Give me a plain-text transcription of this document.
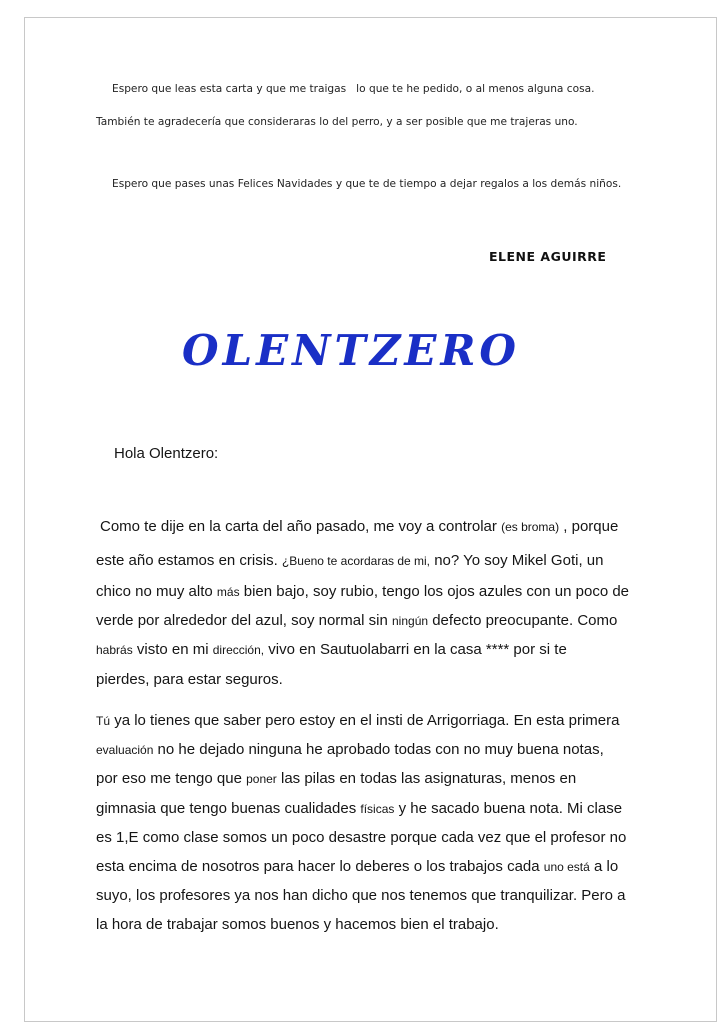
Espero que leas esta carta y que me traigas lo que te he pedido, o al menos alguna cosa.
También te agradecería que consideraras lo del perro, y a ser posible que me trajeras uno.
Espero que pases unas Felices Navidades y que te de tiempo a dejar regalos a los demás niños.
ELENE AGUIRRE
OLENTZERO
Hola Olentzero:
Como te dije en la carta del año pasado, me voy a controlar (es broma) , porque
este año estamos en crisis. ¿Bueno te acordaras de mi, no? Yo soy Mikel Goti, un
chico no muy alto más bien bajo, soy rubio, tengo los ojos azules con un poco de
verde por alrededor del azul, soy normal sin ningún defecto preocupante. Como
habrás visto en mi dirección, vivo en Sautuolabarri en la casa **** por si te
pierdes, para estar seguros.
Tú ya lo tienes que saber pero estoy en el insti de Arrigorriaga. En esta primera
evaluación no he dejado ninguna he aprobado todas con no muy buena notas,
por eso me tengo que poner las pilas en todas las asignaturas, menos en
gimnasia que tengo buenas cualidades físicas y he sacado buena nota. Mi clase
es 1,E como clase somos un poco desastre porque cada vez que el profesor no
esta encima de nosotros para hacer lo deberes o los trabajos cada uno está a lo
suyo, los profesores ya nos han dicho que nos tenemos que tranquilizar. Pero a
la hora de trabajar somos buenos y hacemos bien el trabajo.
